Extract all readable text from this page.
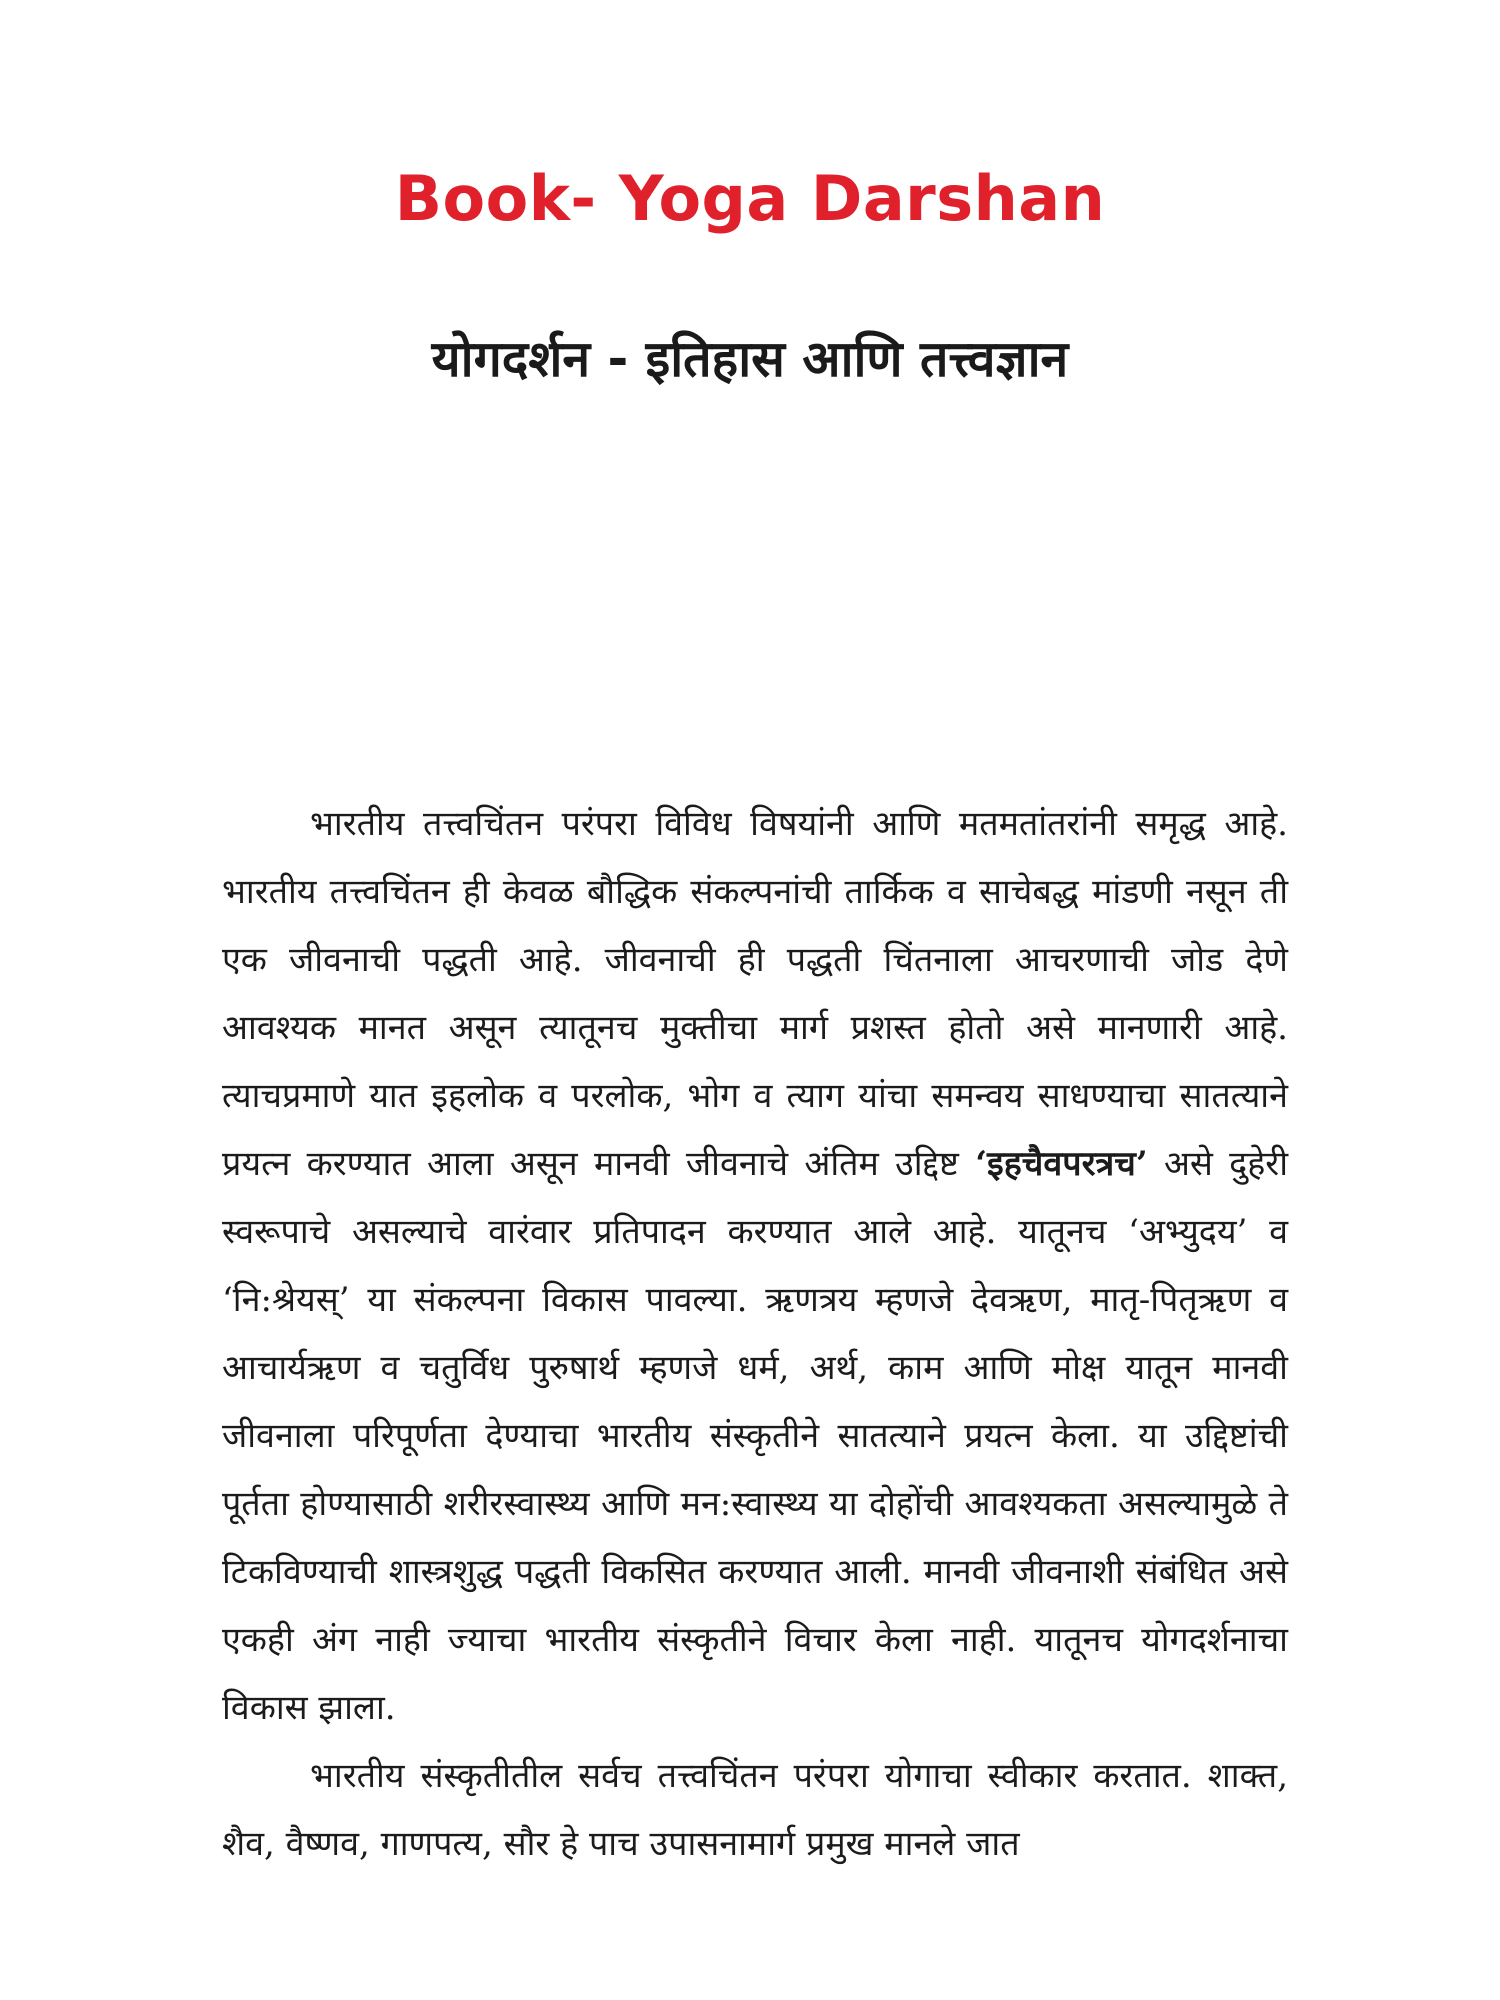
Book- Yoga Darshan
योगदर्शन - इतिहास आणि तत्त्वज्ञान

भारतीय तत्त्वचिंतन परंपरा विविध विषयांनी आणि मतमतांतरांनी समृद्ध आहे. भारतीय तत्त्वचिंतन ही केवळ बौद्धिक संकल्पनांची तार्किक व साचेबद्ध मांडणी नसून ती एक जीवनाची पद्धती आहे. जीवनाची ही पद्धती चिंतनाला आचरणाची जोड देणे आवश्यक मानत असून त्यातूनच मुक्तीचा मार्ग प्रशस्त होतो असे मानणारी आहे. त्याचप्रमाणे यात इहलोक व परलोक, भोग व त्याग यांचा समन्वय साधण्याचा सातत्याने प्रयत्न करण्यात आला असून मानवी जीवनाचे अंतिम उद्दिष्ट ‘इहचैवपरत्रच’ असे दुहेरी स्वरूपाचे असल्याचे वारंवार प्रतिपादन करण्यात आले आहे. यातूनच ‘अभ्युदय’ व ‘नि:श्रेयस्’ या संकल्पना विकास पावल्या. ऋणत्रय म्हणजे देवऋण, मातृ-पितृऋण व आचार्यऋण व चतुर्विध पुरुषार्थ म्हणजे धर्म, अर्थ, काम आणि मोक्ष यातून मानवी जीवनाला परिपूर्णता देण्याचा भारतीय संस्कृतीने सातत्याने प्रयत्न केला. या उद्दिष्टांची पूर्तता होण्यासाठी शरीरस्वास्थ्य आणि मन:स्वास्थ्य या दोहोंची आवश्यकता असल्यामुळे ते टिकविण्याची शास्त्रशुद्ध पद्धती विकसित करण्यात आली. मानवी जीवनाशी संबंधित असे एकही अंग नाही ज्याचा भारतीय संस्कृतीने विचार केला नाही. यातूनच योगदर्शनाचा विकास झाला.

भारतीय संस्कृतीतील सर्वच तत्त्वचिंतन परंपरा योगाचा स्वीकार करतात. शाक्त, शैव, वैष्णव, गाणपत्य, सौर हे पाच उपासनामार्ग प्रमुख मानले जात
